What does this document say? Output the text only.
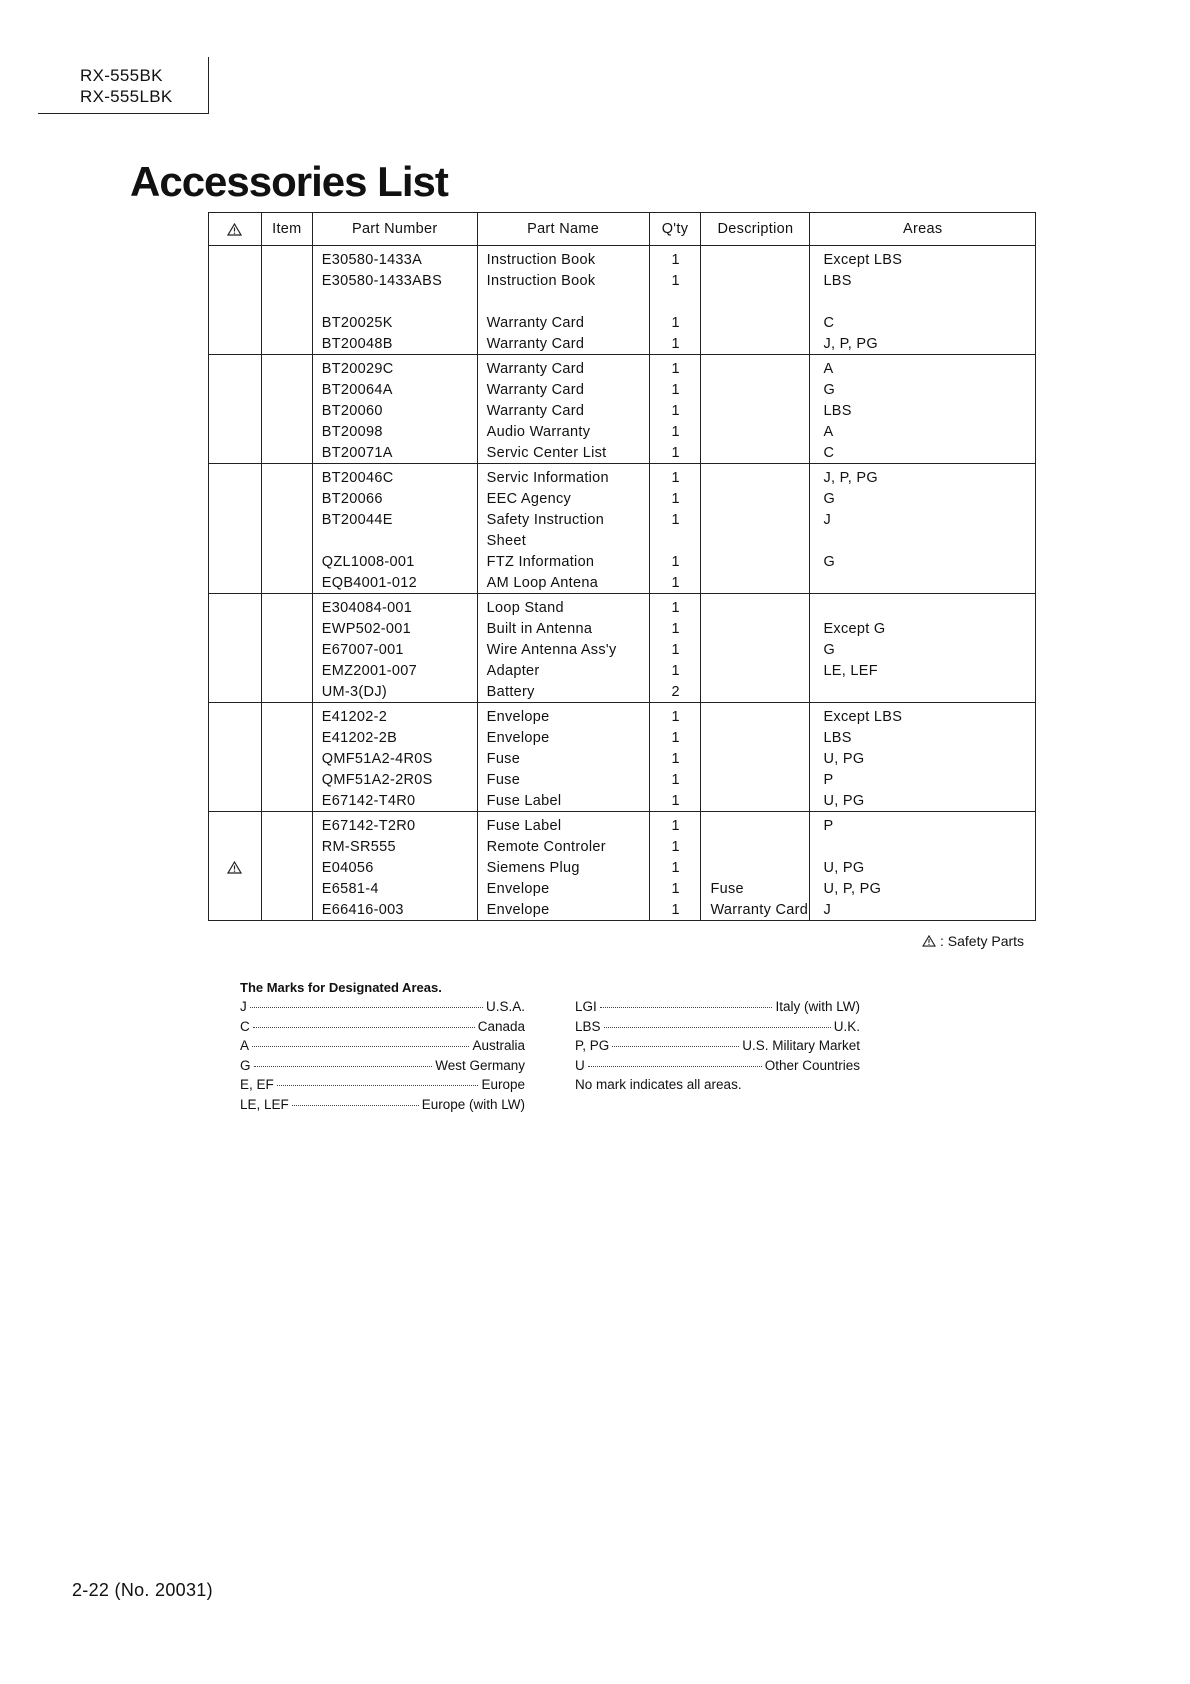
RX-555BK
RX-555LBK
Accessories List
	Item	Part Number	Part Name	Q'ty	Description	Areas
		E30580-1433A	Instruction Book	1		Except LBS
		E30580-1433ABS	Instruction Book	1		LBS

		BT20025K	Warranty Card	1		C
		BT20048B	Warranty Card	1		J, P, PG
		BT20029C	Warranty Card	1		A
		BT20064A	Warranty Card	1		G
		BT20060	Warranty Card	1		LBS
		BT20098	Audio Warranty	1		A
		BT20071A	Servic Center List	1		C
		BT20046C	Servic Information	1		J, P, PG
		BT20066	EEC Agency	1		G
		BT20044E	Safety Instruction	1		J
			Sheet			
		QZL1008-001	FTZ Information	1		G
		EQB4001-012	AM Loop Antena	1		
		E304084-001	Loop Stand	1		
		EWP502-001	Built in Antenna	1		Except G
		E67007-001	Wire Antenna Ass'y	1		G
		EMZ2001-007	Adapter	1		LE, LEF
		UM-3(DJ)	Battery	2		
		E41202-2	Envelope	1		Except LBS
		E41202-2B	Envelope	1		LBS
		QMF51A2-4R0S	Fuse	1		U, PG
		QMF51A2-2R0S	Fuse	1		P
		E67142-T4R0	Fuse Label	1		U, PG
		E67142-T2R0	Fuse Label	1		P
		RM-SR555	Remote Controler	1		
		E04056	Siemens Plug	1		U, PG
		E6581-4	Envelope	1	Fuse	U, P, PG
		E66416-003	Envelope	1	Warranty Card	J
: Safety Parts
The Marks for Designated Areas.
J	U.S.A.
C	Canada
A	Australia
G	West Germany
E, EF	Europe
LE, LEF	Europe (with LW)
LGI	Italy (with LW)
LBS	U.K.
P, PG	U.S. Military Market
U	Other Countries
No mark indicates all areas.
2-22 (No. 20031)
